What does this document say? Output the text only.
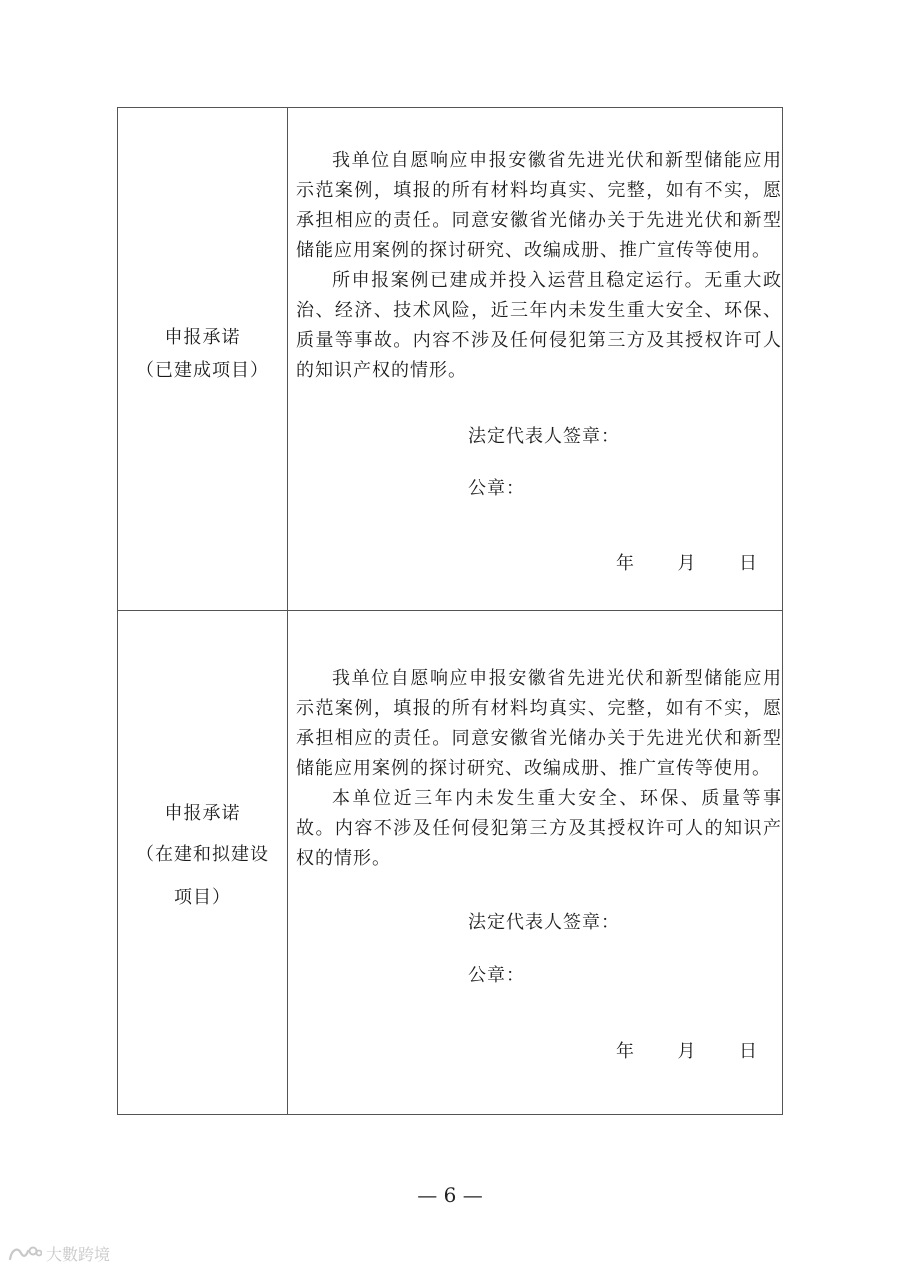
申报承诺
（已建成项目）

我单位自愿响应申报安徽省先进光伏和新型储能应用示范案例，填报的所有材料均真实、完整，如有不实，愿承担相应的责任。同意安徽省光储办关于先进光伏和新型储能应用案例的探讨研究、改编成册、推广宣传等使用。

所申报案例已建成并投入运营且稳定运行。无重大政治、经济、技术风险，近三年内未发生重大安全、环保、质量等事故。内容不涉及任何侵犯第三方及其授权许可人的知识产权的情形。

法定代表人签章：
公章：
年 月 日
申报承诺
（在建和拟建设
项目）

我单位自愿响应申报安徽省先进光伏和新型储能应用示范案例，填报的所有材料均真实、完整，如有不实，愿承担相应的责任。同意安徽省光储办关于先进光伏和新型储能应用案例的探讨研究、改编成册、推广宣传等使用。

本单位近三年内未发生重大安全、环保、质量等事故。内容不涉及任何侵犯第三方及其授权许可人的知识产权的情形。

法定代表人签章：
公章：
年 月 日
— 6 —
大數跨境
